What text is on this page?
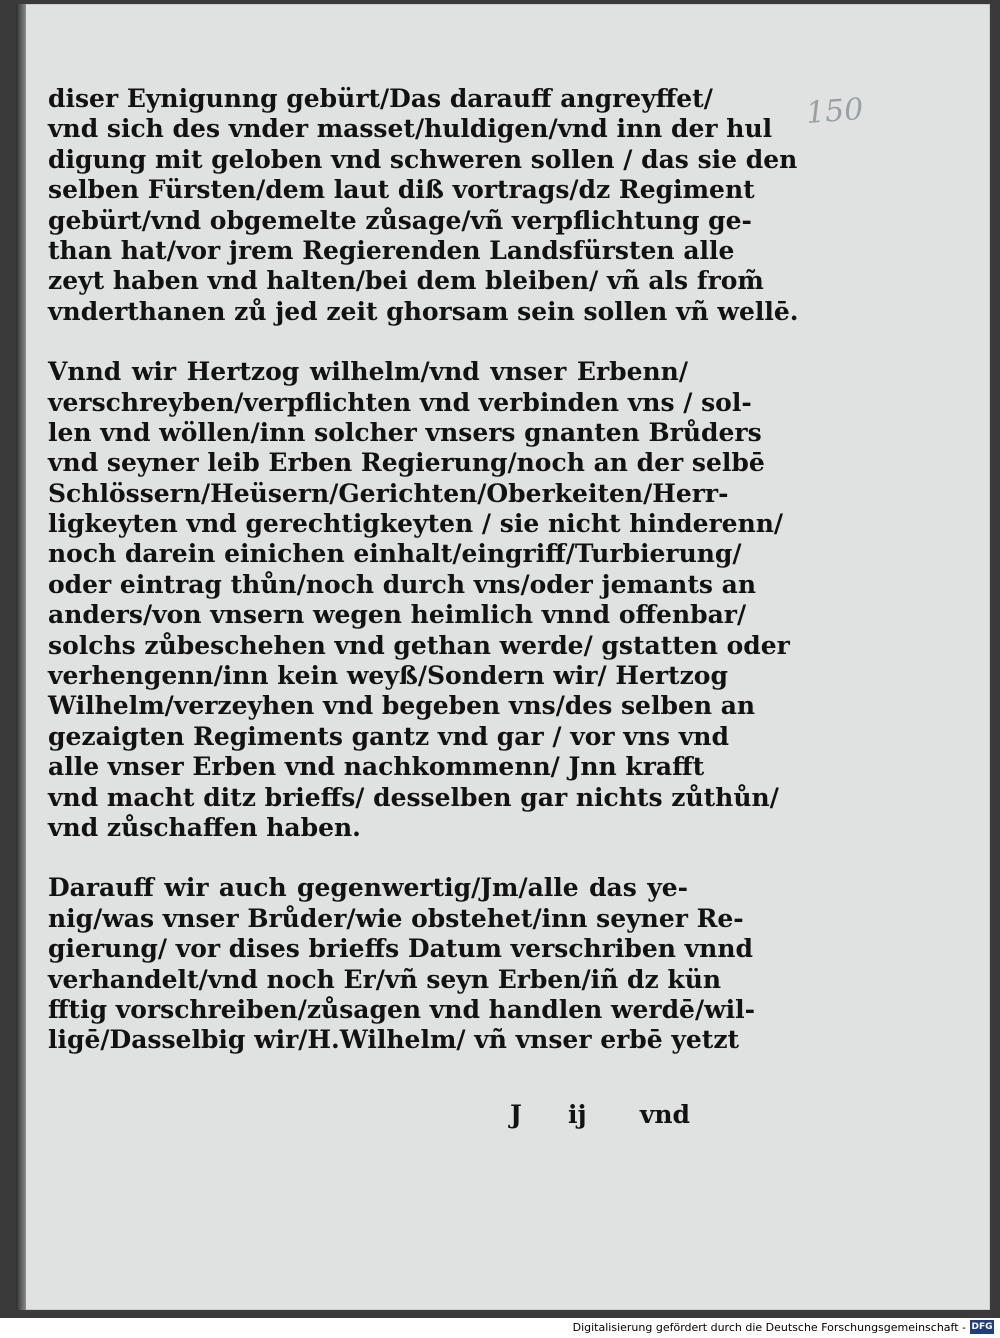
150
diser Eynigunng gebürt/Das darauff angreyffet/
vnd sich des vnder masset/huldigen/vnd inn der hul
digung mit geloben vnd schweren sollen / das sie den
selben Fürsten/dem laut diß vortrags/dz Regiment
gebürt/vnd obgemelte zůsage/vñ verpflichtung ge-
than hat/vor jrem Regierenden Landsfürsten alle
zeyt haben vnd halten/bei dem bleiben/ vñ als from̃
vnderthanen zů jed zeit ghorsam sein sollen vñ wellē.
Vnnd wir Hertzog wilhelm/vnd vnser Erbenn/
verschreyben/verpflichten vnd verbinden vns / sol-
len vnd wöllen/inn solcher vnsers gnanten Brůders
vnd seyner leib Erben Regierung/noch an der selbē
Schlössern/Heüsern/Gerichten/Oberkeiten/Herr-
ligkeyten vnd gerechtigkeyten / sie nicht hinderenn/
noch darein einichen einhalt/eingriff/Turbierung/
oder eintrag thůn/noch durch vns/oder jemants an
anders/von vnsern wegen heimlich vnnd offenbar/
solchs zůbeschehen vnd gethan werde/ gstatten oder
verhengenn/inn kein weyß/Sondern wir/ Hertzog
Wilhelm/verzeyhen vnd begeben vns/des selben an
gezaigten Regiments gantz vnd gar / vor vns vnd
alle vnser Erben vnd nachkommenn/ Jnn krafft
vnd macht ditz brieffs/ desselben gar nichts zůthůn/
vnd zůschaffen haben.
Darauff wir auch gegenwertig/Jm/alle das ye-
nig/was vnser Brůder/wie obstehet/inn seyner Re-
gierung/ vor dises brieffs Datum verschriben vnnd
verhandelt/vnd noch Er/vñ seyn Erben/iñ dz kün
fftig vorschreiben/zůsagen vnd handlen werdē/wil-
ligē/Dasselbig wir/H.Wilhelm/ vñ vnser erbē yetzt
J ij vnd
Digitalisierung gefördert durch die Deutsche Forschungsgemeinschaft - DFG
